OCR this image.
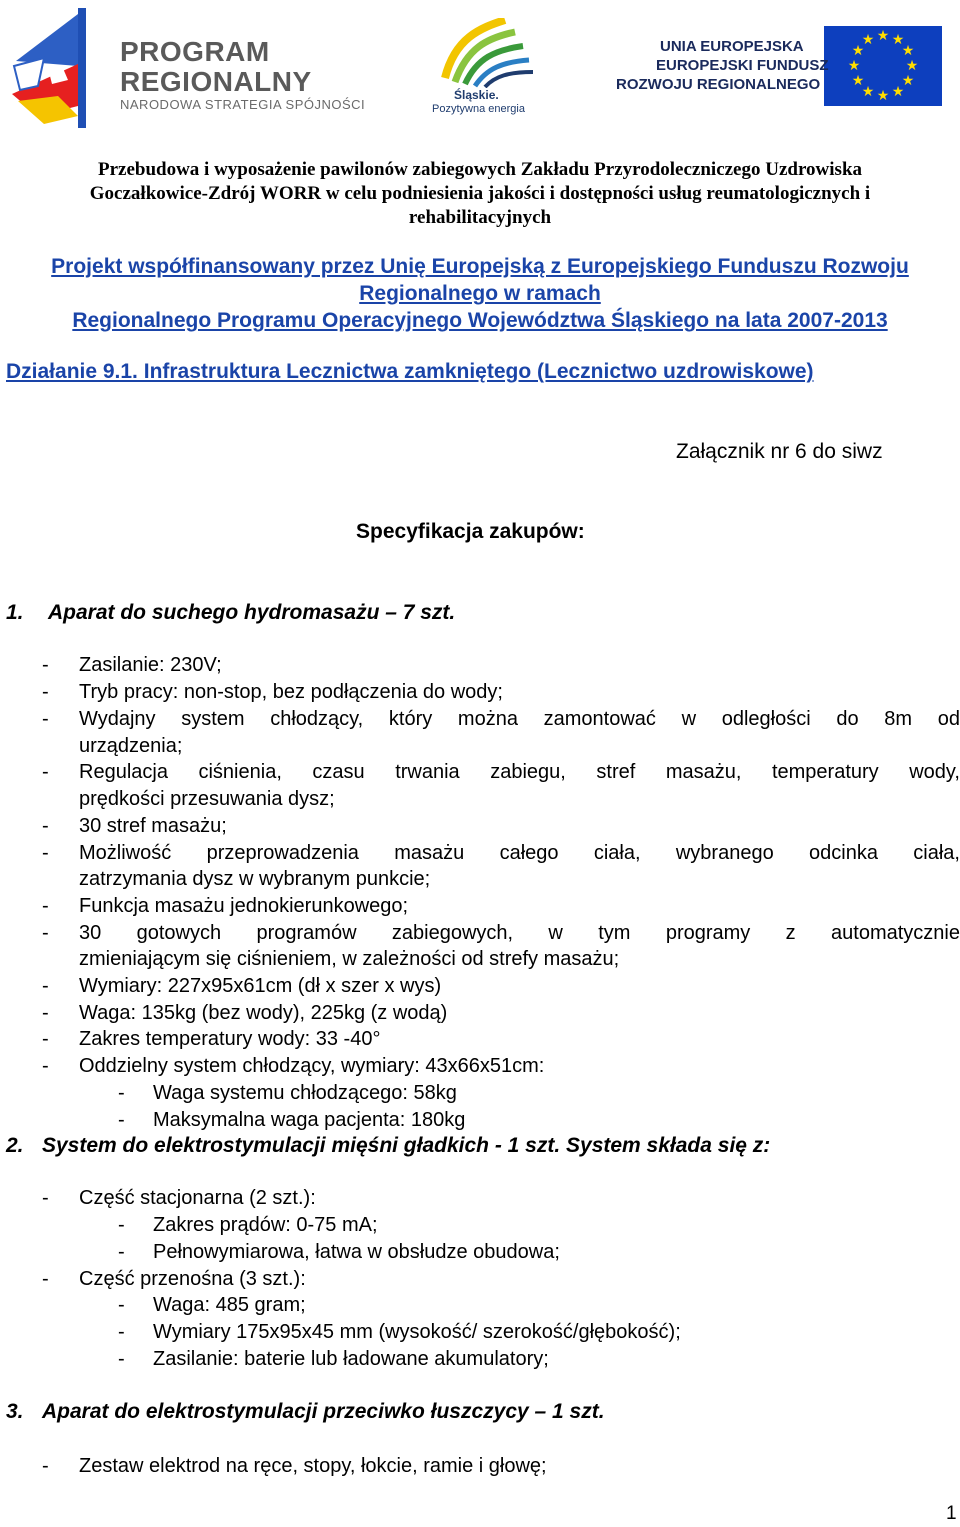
PROGRAM
REGIONALNY
NARODOWA STRATEGIA SPÓJNOŚCI
Śląskie.
Pozytywna energia
★ ★
★
★
★
★
★
★
★
★
★
★
UNIA EUROPEJSKA
EUROPEJSKI FUNDUSZ
ROZWOJU REGIONALNEGO
Przebudowa i wyposażenie pawilonów zabiegowych Zakładu Przyrodoleczniczego Uzdrowiska
Goczałkowice-Zdrój WORR w celu podniesienia jakości i dostępności usług reumatologicznych i
rehabilitacyjnych
Projekt współfinansowany przez Unię Europejską z Europejskiego Funduszu Rozwoju
Regionalnego w ramach
Regionalnego Programu Operacyjnego Województwa Śląskiego na lata 2007-2013
Działanie 9.1. Infrastruktura Lecznictwa zamkniętego (Lecznictwo uzdrowiskowe)
Załącznik nr 6 do siwz
Specyfikacja zakupów:
1. Aparat do suchego hydromasażu – 7 szt.
- Zasilanie: 230V;
- Tryb pracy: non-stop, bez podłączenia do wody;
- Wydajny system chłodzący, który można zamontować w odległości do 8m od
urządzenia;
- Regulacja ciśnienia, czasu trwania zabiegu, stref masażu, temperatury wody,
prędkości przesuwania dysz;
- 30 stref masażu;
- Możliwość przeprowadzenia masażu całego ciała, wybranego odcinka ciała,
zatrzymania dysz w wybranym punkcie;
- Funkcja masażu jednokierunkowego;
- 30 gotowych programów zabiegowych, w tym programy z automatycznie
zmieniającym się ciśnieniem, w zależności od strefy masażu;
- Wymiary: 227x95x61cm (dł x szer x wys)
- Waga: 135kg (bez wody), 225kg (z wodą)
- Zakres temperatury wody: 33 -40°
- Oddzielny system chłodzący, wymiary: 43x66x51cm:
- Waga systemu chłodzącego: 58kg
- Maksymalna waga pacjenta: 180kg
2. System do elektrostymulacji mięśni gładkich - 1 szt. System składa się z:
- Część stacjonarna (2 szt.):
- Zakres prądów: 0-75 mA;
- Pełnowymiarowa, łatwa w obsłudze obudowa;
- Część przenośna (3 szt.):
- Waga: 485 gram;
- Wymiary 175x95x45 mm (wysokość/ szerokość/głębokość);
- Zasilanie: baterie lub ładowane akumulatory;
3. Aparat do elektrostymulacji przeciwko łuszczycy – 1 szt.
- Zestaw elektrod na ręce, stopy, łokcie, ramie i głowę;
1
